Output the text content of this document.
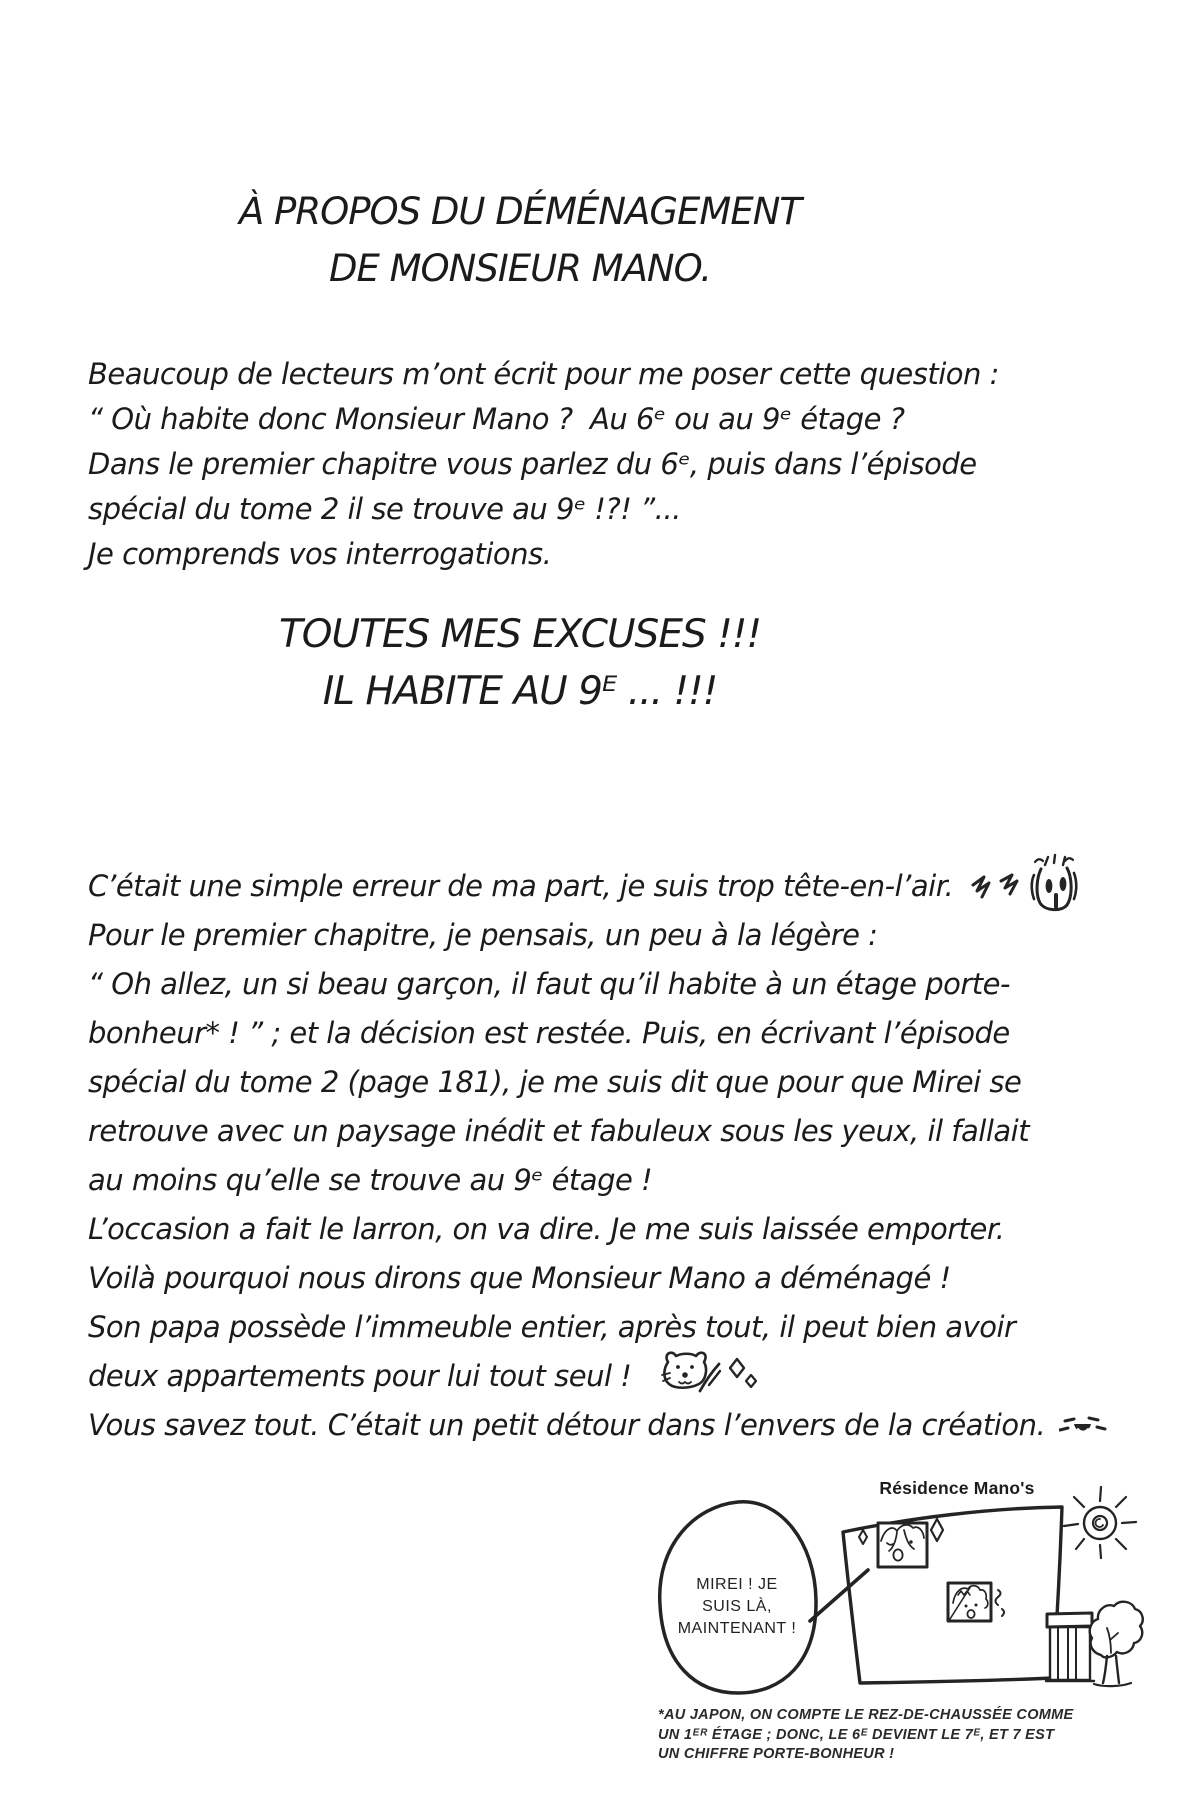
À PROPOS DU DÉMÉNAGEMENT
DE MONSIEUR MANO.
Beaucoup de lecteurs m’ont écrit pour me poser cette question :
“ Où habite donc Monsieur Mano ?  Au 6ᵉ ou au 9ᵉ étage ?
Dans le premier chapitre vous parlez du 6ᵉ, puis dans l’épisode
spécial du tome 2 il se trouve au 9ᵉ !?! ”...
Je comprends vos interrogations.
TOUTES MES EXCUSES !!!
IL HABITE AU 9ᴱ ... !!!
C’était une simple erreur de ma part, je suis trop tête-en-l’air.
Pour le premier chapitre, je pensais, un peu à la légère :
“ Oh allez, un si beau garçon, il faut qu’il habite à un étage porte-
bonheur* ! ” ; et la décision est restée. Puis, en écrivant l’épisode
spécial du tome 2 (page 181), je me suis dit que pour que Mirei se
retrouve avec un paysage inédit et fabuleux sous les yeux, il fallait
au moins qu’elle se trouve au 9ᵉ étage !
L’occasion a fait le larron, on va dire. Je me suis laissée emporter.
Voilà pourquoi nous dirons que Monsieur Mano a déménagé !
Son papa possède l’immeuble entier, après tout, il peut bien avoir
deux appartements pour lui tout seul !
Vous savez tout. C’était un petit détour dans l’envers de la création.
Résidence Mano's
MIREI ! JE
SUIS LÀ,
MAINTENANT !
*AU JAPON, ON COMPTE LE REZ-DE-CHAUSSÉE COMME
UN 1ᴱᴿ ÉTAGE ; DONC, LE 6ᴱ DEVIENT LE 7ᴱ, ET 7 EST
UN CHIFFRE PORTE-BONHEUR !
